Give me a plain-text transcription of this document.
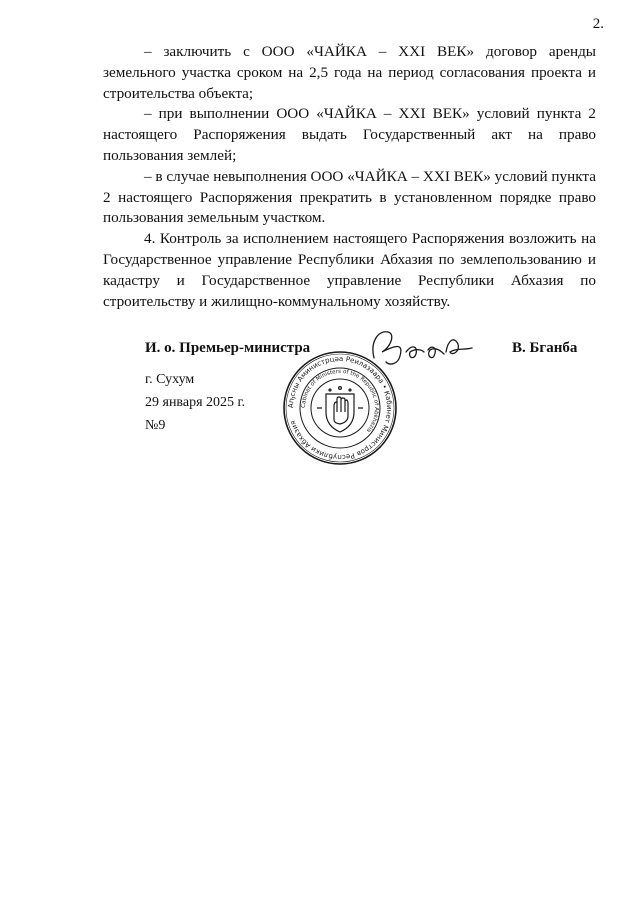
2.

– заключить с ООО «ЧАЙКА – XXI ВЕК» договор аренды земельного участка сроком на 2,5 года на период согласования проекта и строительства объекта;

– при выполнении ООО «ЧАЙКА – XXI ВЕК» условий пункта 2 настоящего Распоряжения выдать Государственный акт на право пользования землей;

– в случае невыполнения ООО «ЧАЙКА – XXI ВЕК» условий пункта 2 настоящего Распоряжения прекратить в установленном порядке право пользования земельным участком.

4. Контроль за исполнением настоящего Распоряжения возложить на Государственное управление Республики Абхазия по землепользованию и кадастру и Государственное управление Республики Абхазия по строительству и жилищно-коммунальному хозяйству.

И. о. Премьер-министра	В. Бганба
г. Сухум
29 января 2025 г.
№9
Аҧсны Аминистрцәа Реилазаара • Кабинет Министров Республики Абхазия
Cabinet of Ministers of the Republic of Abkhazia
